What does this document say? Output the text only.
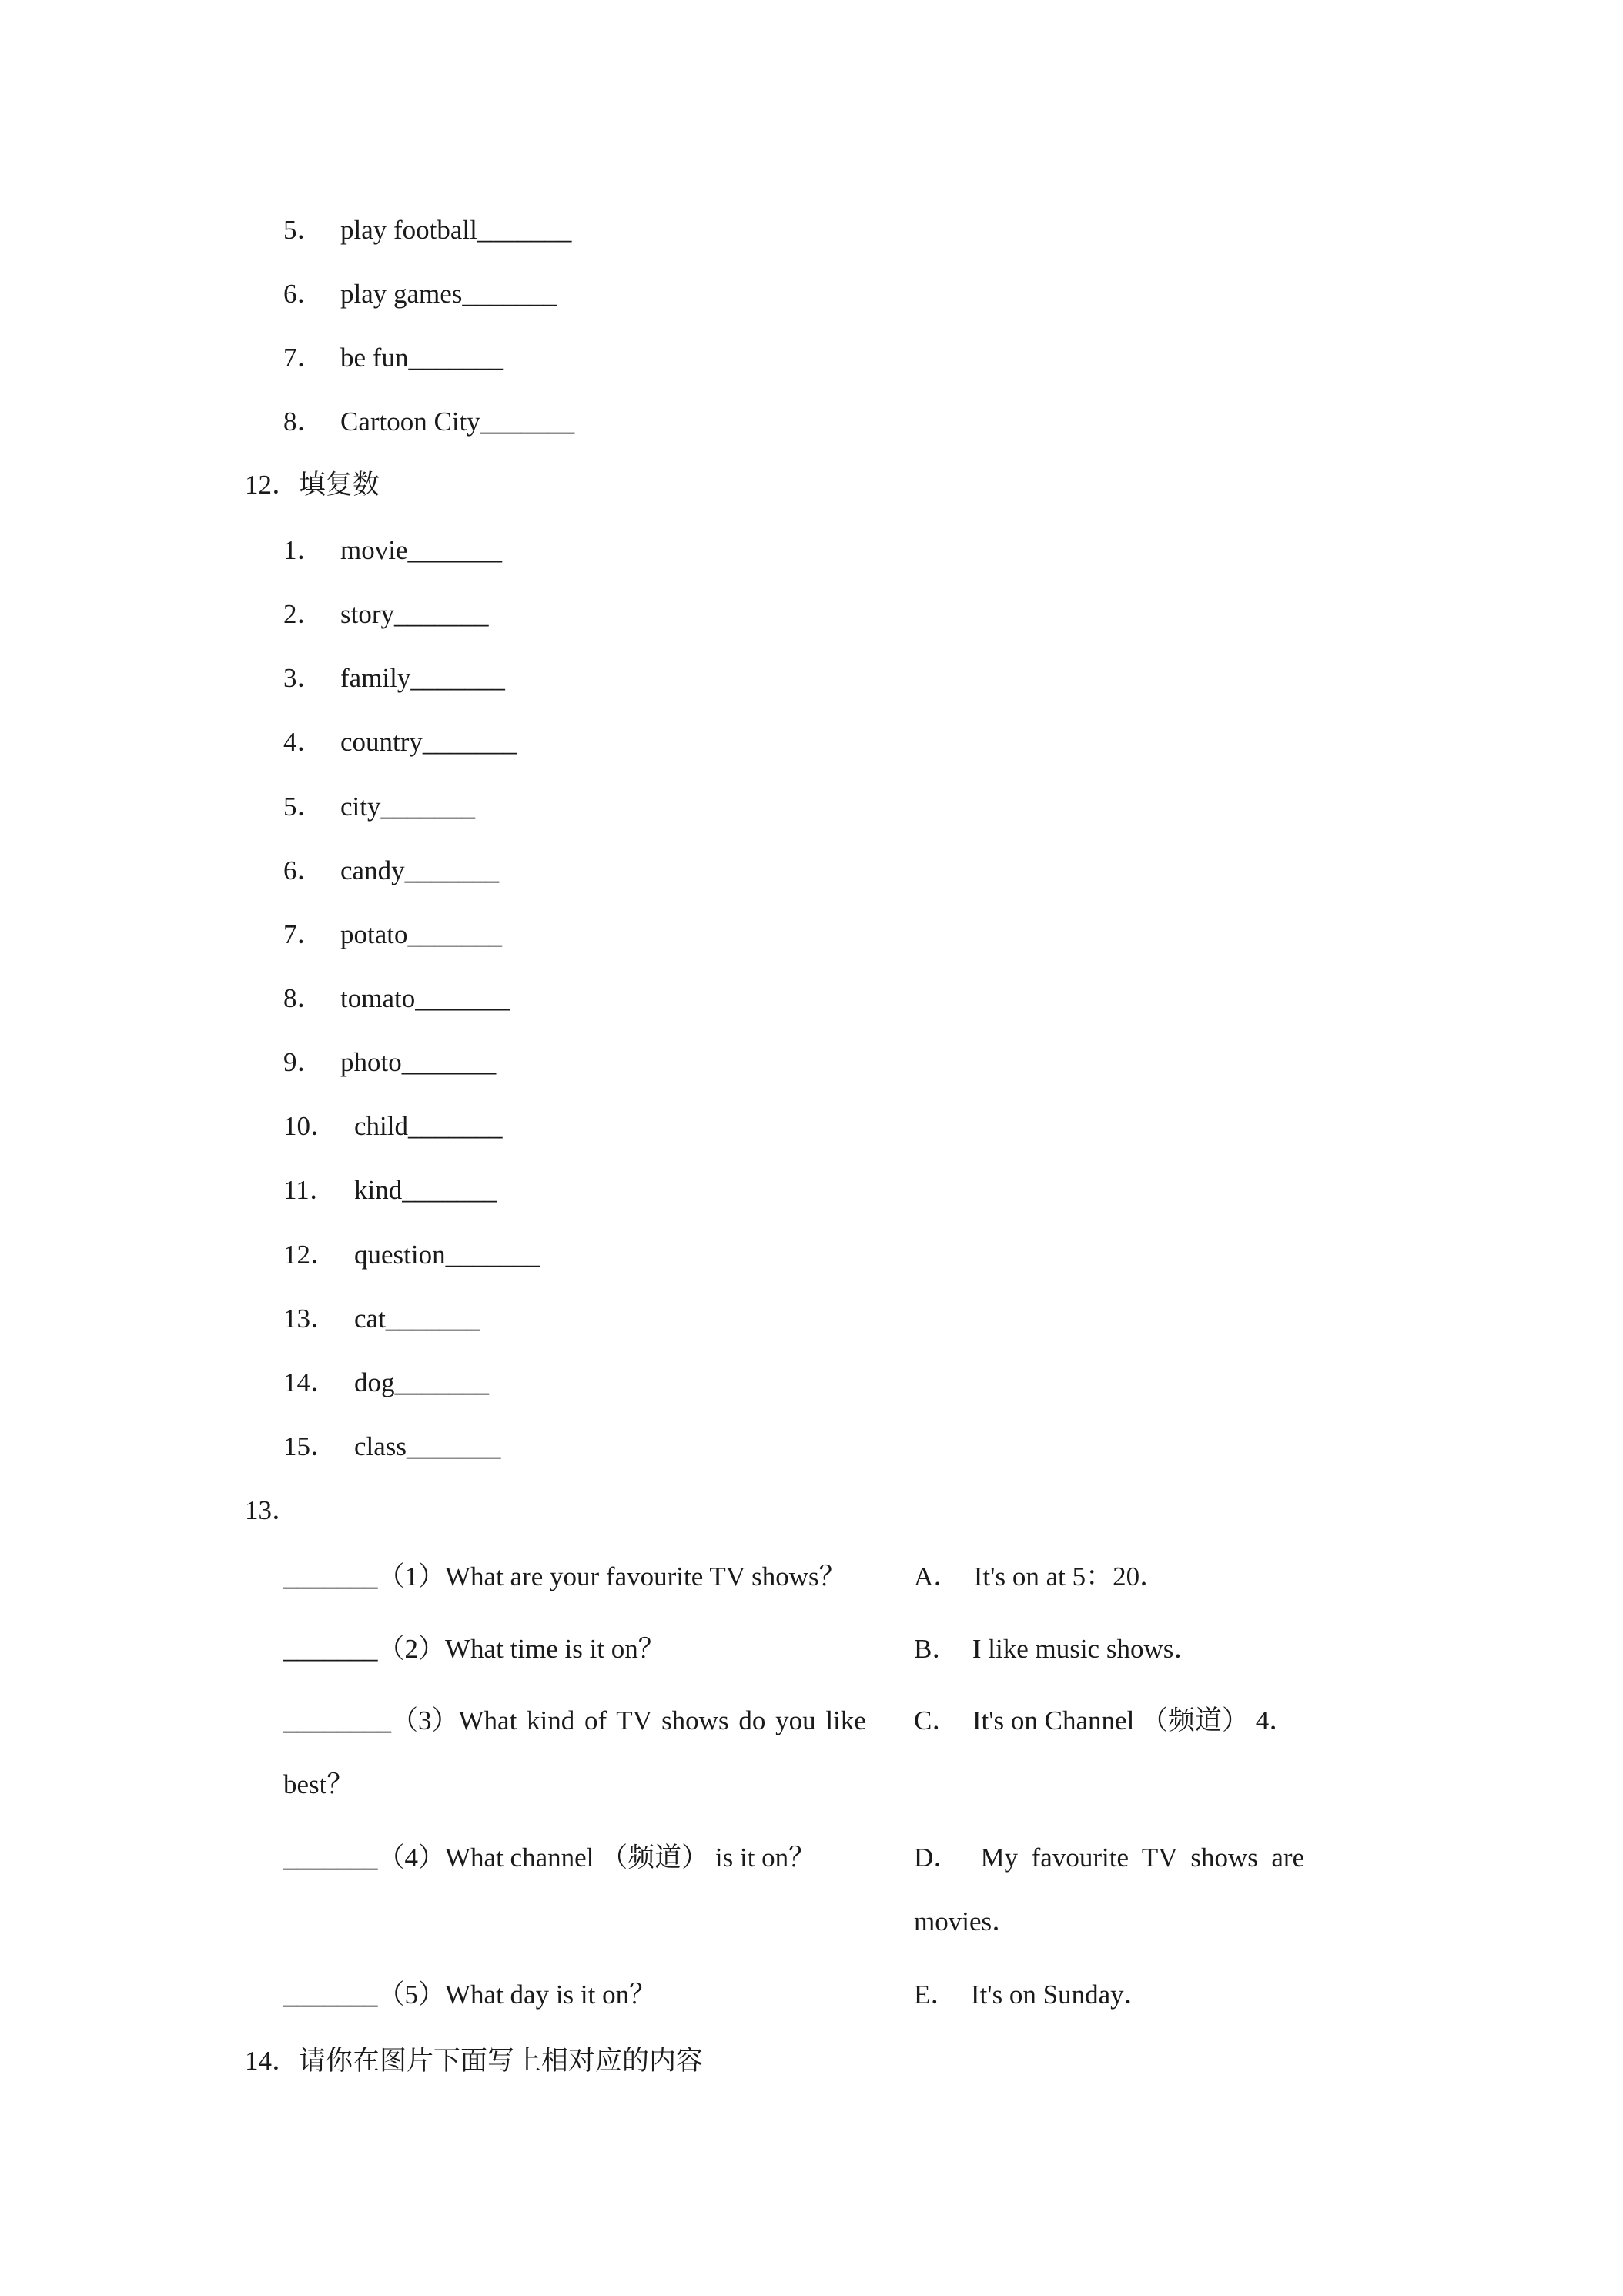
5． play football_______
6． play games_______
7． be fun_______
8． Cartoon City_______
12．填复数
1． movie_______
2． story_______
3． family_______
4． country_______
5． city_______
6． candy_______
7． potato_______
8． tomato_______
9． photo_______
10． child_______
11． kind_______
12． question_______
13． cat_______
14． dog_______
15． class_______
13．
_______（1）What are your favourite TV shows？	A．  It's on at 5：20．
_______（2）What time is it on？	B．  I like music shows．
________（3）What kind of TV shows do you like C．  It's on Channel （频道） 4．
best？
_______（4）What channel （频道） is it on？	D．   My  favourite  TV  shows  are
movies．
_______（5）What day is it on？	E．  It's on Sunday．
14．请你在图片下面写上相对应的内容
